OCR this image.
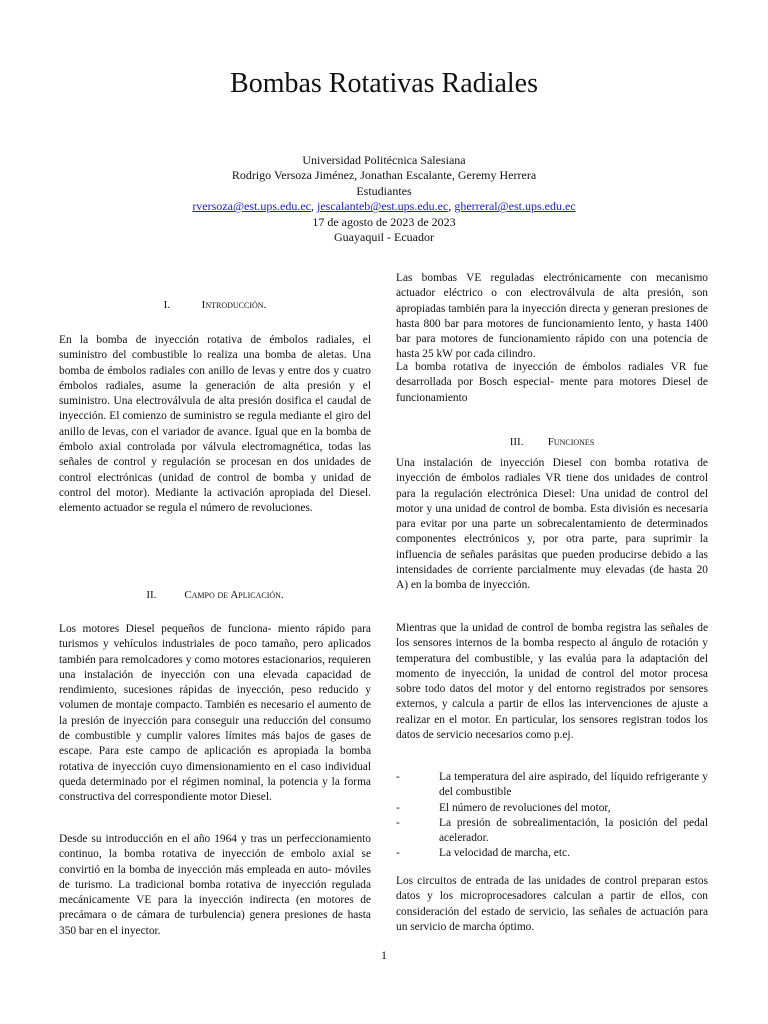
Bombas Rotativas Radiales
Universidad Politécnica Salesiana
Rodrigo Versoza Jiménez, Jonathan Escalante, Geremy Herrera
Estudiantes
rversoza@est.ups.edu.ec, jescalanteb@est.ups.edu.ec, gherreral@est.ups.edu.ec
17 de agosto de 2023 de 2023
Guayaquil - Ecuador
I.	Introducción.

En la bomba de inyección rotativa de émbolos radiales, el suministro del combustible lo realiza una bomba de aletas. Una bomba de émbolos radiales con anillo de levas y entre dos y cuatro émbolos radiales, asume la generación de alta presión y el suministro. Una electroválvula de alta presión dosifica el caudal de inyección. El comienzo de suministro se regula mediante el giro del anillo de levas, con el variador de avance. Igual que en la bomba de émbolo axial controlada por válvula electromagnética, todas las señales de control y regulación se procesan en dos unidades de control electrónicas (unidad de control de bomba y unidad de control del motor). Mediante la activación apropiada del Diesel. elemento actuador se regula el número de revoluciones.

II.	Campo de Aplicación.

Los motores Diesel pequeños de funciona- miento rápido para turismos y vehículos industriales de poco tamaño, pero aplicados también para remolcadores y como motores estacionarios, requieren una instalación de inyección con una elevada capacidad de rendimiento, sucesiones rápidas de inyección, peso reducido y volumen de montaje compacto. También es necesario el aumento de la presión de inyección para conseguir una reducción del consumo de combustible y cumplir valores límites más bajos de gases de escape. Para este campo de aplicación es apropiada la bomba rotativa de inyección cuyo dimensionamiento en el caso individual queda determinado por el régimen nominal, la potencia y la forma constructiva del correspondiente motor Diesel.

Desde su introducción en el año 1964 y tras un perfeccionamiento continuo, la bomba rotativa de inyección de embolo axial se convirtió en la bomba de inyección más empleada en auto- móviles de turismo. La tradicional bomba rotativa de inyección regulada mecánicamente VE para la inyección indirecta (en motores de precámara o de cámara de turbulencia) genera presiones de hasta 350 bar en el inyector.

Las bombas VE reguladas electrónicamente con mecanismo actuador eléctrico o con electroválvula de alta presión, son apropiadas también para la inyección directa y generan presiones de hasta 800 bar para motores de funcionamiento lento, y hasta 1400 bar para motores de funcionamiento rápido con una potencia de hasta 25 kW por cada cilindro.

La bomba rotativa de inyección de émbolos radiales VR fue desarrollada por Bosch especial- mente para motores Diesel de funcionamiento

III. Funciones

Una instalación de inyección Diesel con bomba rotativa de inyección de émbolos radiales VR tiene dos unidades de control para la regulación electrónica Diesel: Una unidad de control del motor y una unidad de control de bomba. Esta división es necesaria para evitar por una parte un sobrecalentamiento de determinados componentes electrónicos y, por otra parte, para suprimir la influencia de señales parásitas que pueden producirse debido a las intensidades de corriente parcialmente muy elevadas (de hasta 20 A) en la bomba de inyección.

Mientras que la unidad de control de bomba registra las señales de los sensores internos de la bomba respecto al ángulo de rotación y temperatura del combustible, y las evalúa para la adaptación del momento de inyección, la unidad de control del motor procesa sobre todo datos del motor y del entorno registrados por sensores externos, y calcula a partir de ellos las intervenciones de ajuste a realizar en el motor. En particular, los sensores registran todos los datos de servicio necesarios como p.ej.

-	La temperatura del aire aspirado, del líquido refrigerante y del combustible
-	El número de revoluciones del motor,
-	La presión de sobrealimentación, la posición del pedal acelerador.
-	La velocidad de marcha, etc.

Los circuitos de entrada de las unidades de control preparan estos datos y los microprocesadores calculan a partir de ellos, con consideración del estado de servicio, las señales de actuación para un servicio de marcha óptimo.

1
